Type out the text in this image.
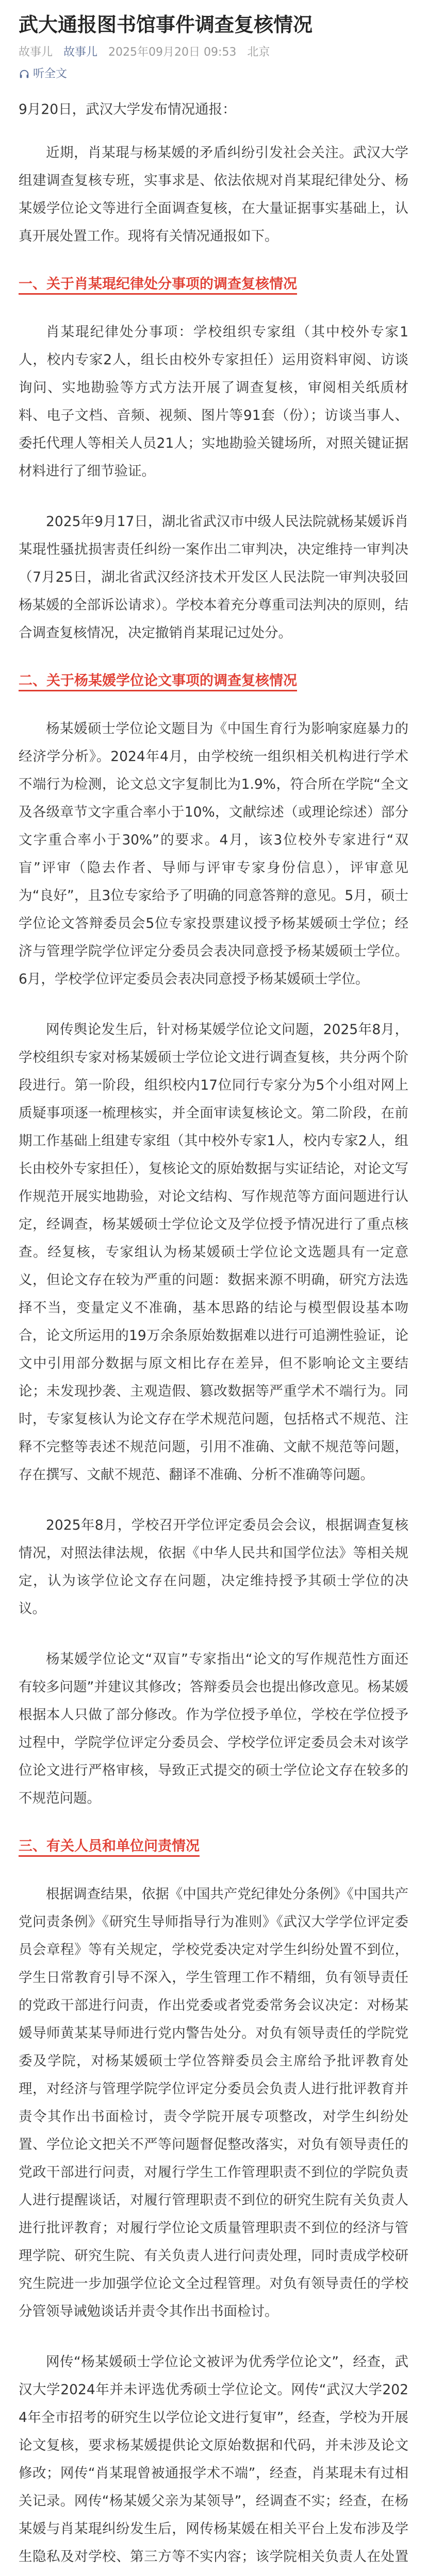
武大通报图书馆事件调查复核情况
故事儿 故事儿 2025年09月20日 09:53 北京
听全文

9月20日，武汉大学发布情况通报：

近期，肖某琨与杨某媛的矛盾纠纷引发社会关注。武汉大学组建调查复核专班，实事求是、依法依规对肖某琨纪律处分、杨某媛学位论文等进行全面调查复核，在大量证据事实基础上，认真开展处置工作。现将有关情况通报如下。

一、关于肖某琨纪律处分事项的调查复核情况

肖某琨纪律处分事项：学校组织专家组（其中校外专家1人，校内专家2人，组长由校外专家担任）运用资料审阅、访谈询问、实地勘验等方式方法开展了调查复核，审阅相关纸质材料、电子文档、音频、视频、图片等91套（份）；访谈当事人、委托代理人等相关人员21人；实地勘验关键场所，对照关键证据材料进行了细节验证。

2025年9月17日，湖北省武汉市中级人民法院就杨某媛诉肖某琨性骚扰损害责任纠纷一案作出二审判决，决定维持一审判决（7月25日，湖北省武汉经济技术开发区人民法院一审判决驳回杨某媛的全部诉讼请求）。学校本着充分尊重司法判决的原则，结合调查复核情况，决定撤销肖某琨记过处分。

二、关于杨某媛学位论文事项的调查复核情况

杨某媛硕士学位论文题目为《中国生育行为影响家庭暴力的经济学分析》。2024年4月，由学校统一组织相关机构进行学术不端行为检测，论文总文字复制比为1.9%，符合所在学院“全文及各级章节文字重合率小于10%，文献综述（或理论综述）部分文字重合率小于30%”的要求。4月，该3位校外专家进行“双盲”评审（隐去作者、导师与评审专家身份信息），评审意见为“良好”，且3位专家给予了明确的同意答辩的意见。5月，硕士学位论文答辩委员会5位专家投票建议授予杨某媛硕士学位；经济与管理学院学位评定分委员会表决同意授予杨某媛硕士学位。6月，学校学位评定委员会表决同意授予杨某媛硕士学位。

网传舆论发生后，针对杨某媛学位论文问题，2025年8月，学校组织专家对杨某媛硕士学位论文进行调查复核，共分两个阶段进行。第一阶段，组织校内17位同行专家分为5个小组对网上质疑事项逐一梳理核实，并全面审读复核论文。第二阶段，在前期工作基础上组建专家组（其中校外专家1人，校内专家2人，组长由校外专家担任），复核论文的原始数据与实证结论，对论文写作规范开展实地勘验，对论文结构、写作规范等方面问题进行认定，经调查，杨某媛硕士学位论文及学位授予情况进行了重点核查。经复核，专家组认为杨某媛硕士学位论文选题具有一定意义，但论文存在较为严重的问题：数据来源不明确，研究方法选择不当，变量定义不准确，基本思路的结论与模型假设基本吻合，论文所运用的19万余条原始数据难以进行可追溯性验证，论文中引用部分数据与原文相比存在差异，但不影响论文主要结论；未发现抄袭、主观造假、篡改数据等严重学术不端行为。同时，专家复核认为论文存在学术规范问题，包括格式不规范、注释不完整等表述不规范问题，引用不准确、文献不规范等问题，存在撰写、文献不规范、翻译不准确、分析不准确等问题。

2025年8月，学校召开学位评定委员会会议，根据调查复核情况，对照法律法规，依据《中华人民共和国学位法》等相关规定，认为该学位论文存在问题，决定维持授予其硕士学位的决议。

杨某媛学位论文“双盲”专家指出“论文的写作规范性方面还有较多问题”并建议其修改；答辩委员会也提出修改意见。杨某媛根据本人只做了部分修改。作为学位授予单位，学校在学位授予过程中，学院学位评定分委员会、学校学位评定委员会未对该学位论文进行严格审核，导致正式提交的硕士学位论文存在较多的不规范问题。

三、有关人员和单位问责情况

根据调查结果，依据《中国共产党纪律处分条例》《中国共产党问责条例》《研究生导师指导行为准则》《武汉大学学位评定委员会章程》等有关规定，学校党委决定对学生纠纷处置不到位，学生日常教育引导不深入，学生管理工作不精细，负有领导责任的党政干部进行问责，作出党委或者党委常务会议决定：对杨某媛导师黄某某导师进行党内警告处分。对负有领导责任的学院党委及学院，对杨某媛硕士学位答辩委员会主席给予批评教育处理，对经济与管理学院学位评定分委员会负责人进行批评教育并责令其作出书面检讨，责令学院开展专项整改，对学生纠纷处置、学位论文把关不严等问题督促整改落实，对负有领导责任的党政干部进行问责，对履行学生工作管理职责不到位的学院负责人进行提醒谈话，对履行管理职责不到位的研究生院有关负责人进行批评教育；对履行学位论文质量管理职责不到位的经济与管理学院、研究生院、有关负责人进行问责处理，同时责成学校研究生院进一步加强学位论文全过程管理。对负有领导责任的学校分管领导诫勉谈话并责令其作出书面检讨。

网传“杨某媛硕士学位论文被评为优秀学位论文”，经查，武汉大学2024年并未评选优秀硕士学位论文。网传“武汉大学2024年全市招考的研究生以学位论文进行复审”，经查，学校为开展论文复核，要求杨某媛提供论文原始数据和代码，并未涉及论文修改；网传“肖某琨曾被通报学术不端”，经查，肖某琨未有过相关记录。网传“杨某媛父亲为某领导”，经调查不实；经查，在杨某媛与肖某琨纠纷发生后，网传杨某媛在相关平台上发布涉及学生隐私及对学校、第三方等不实内容；该学院相关负责人在处置
